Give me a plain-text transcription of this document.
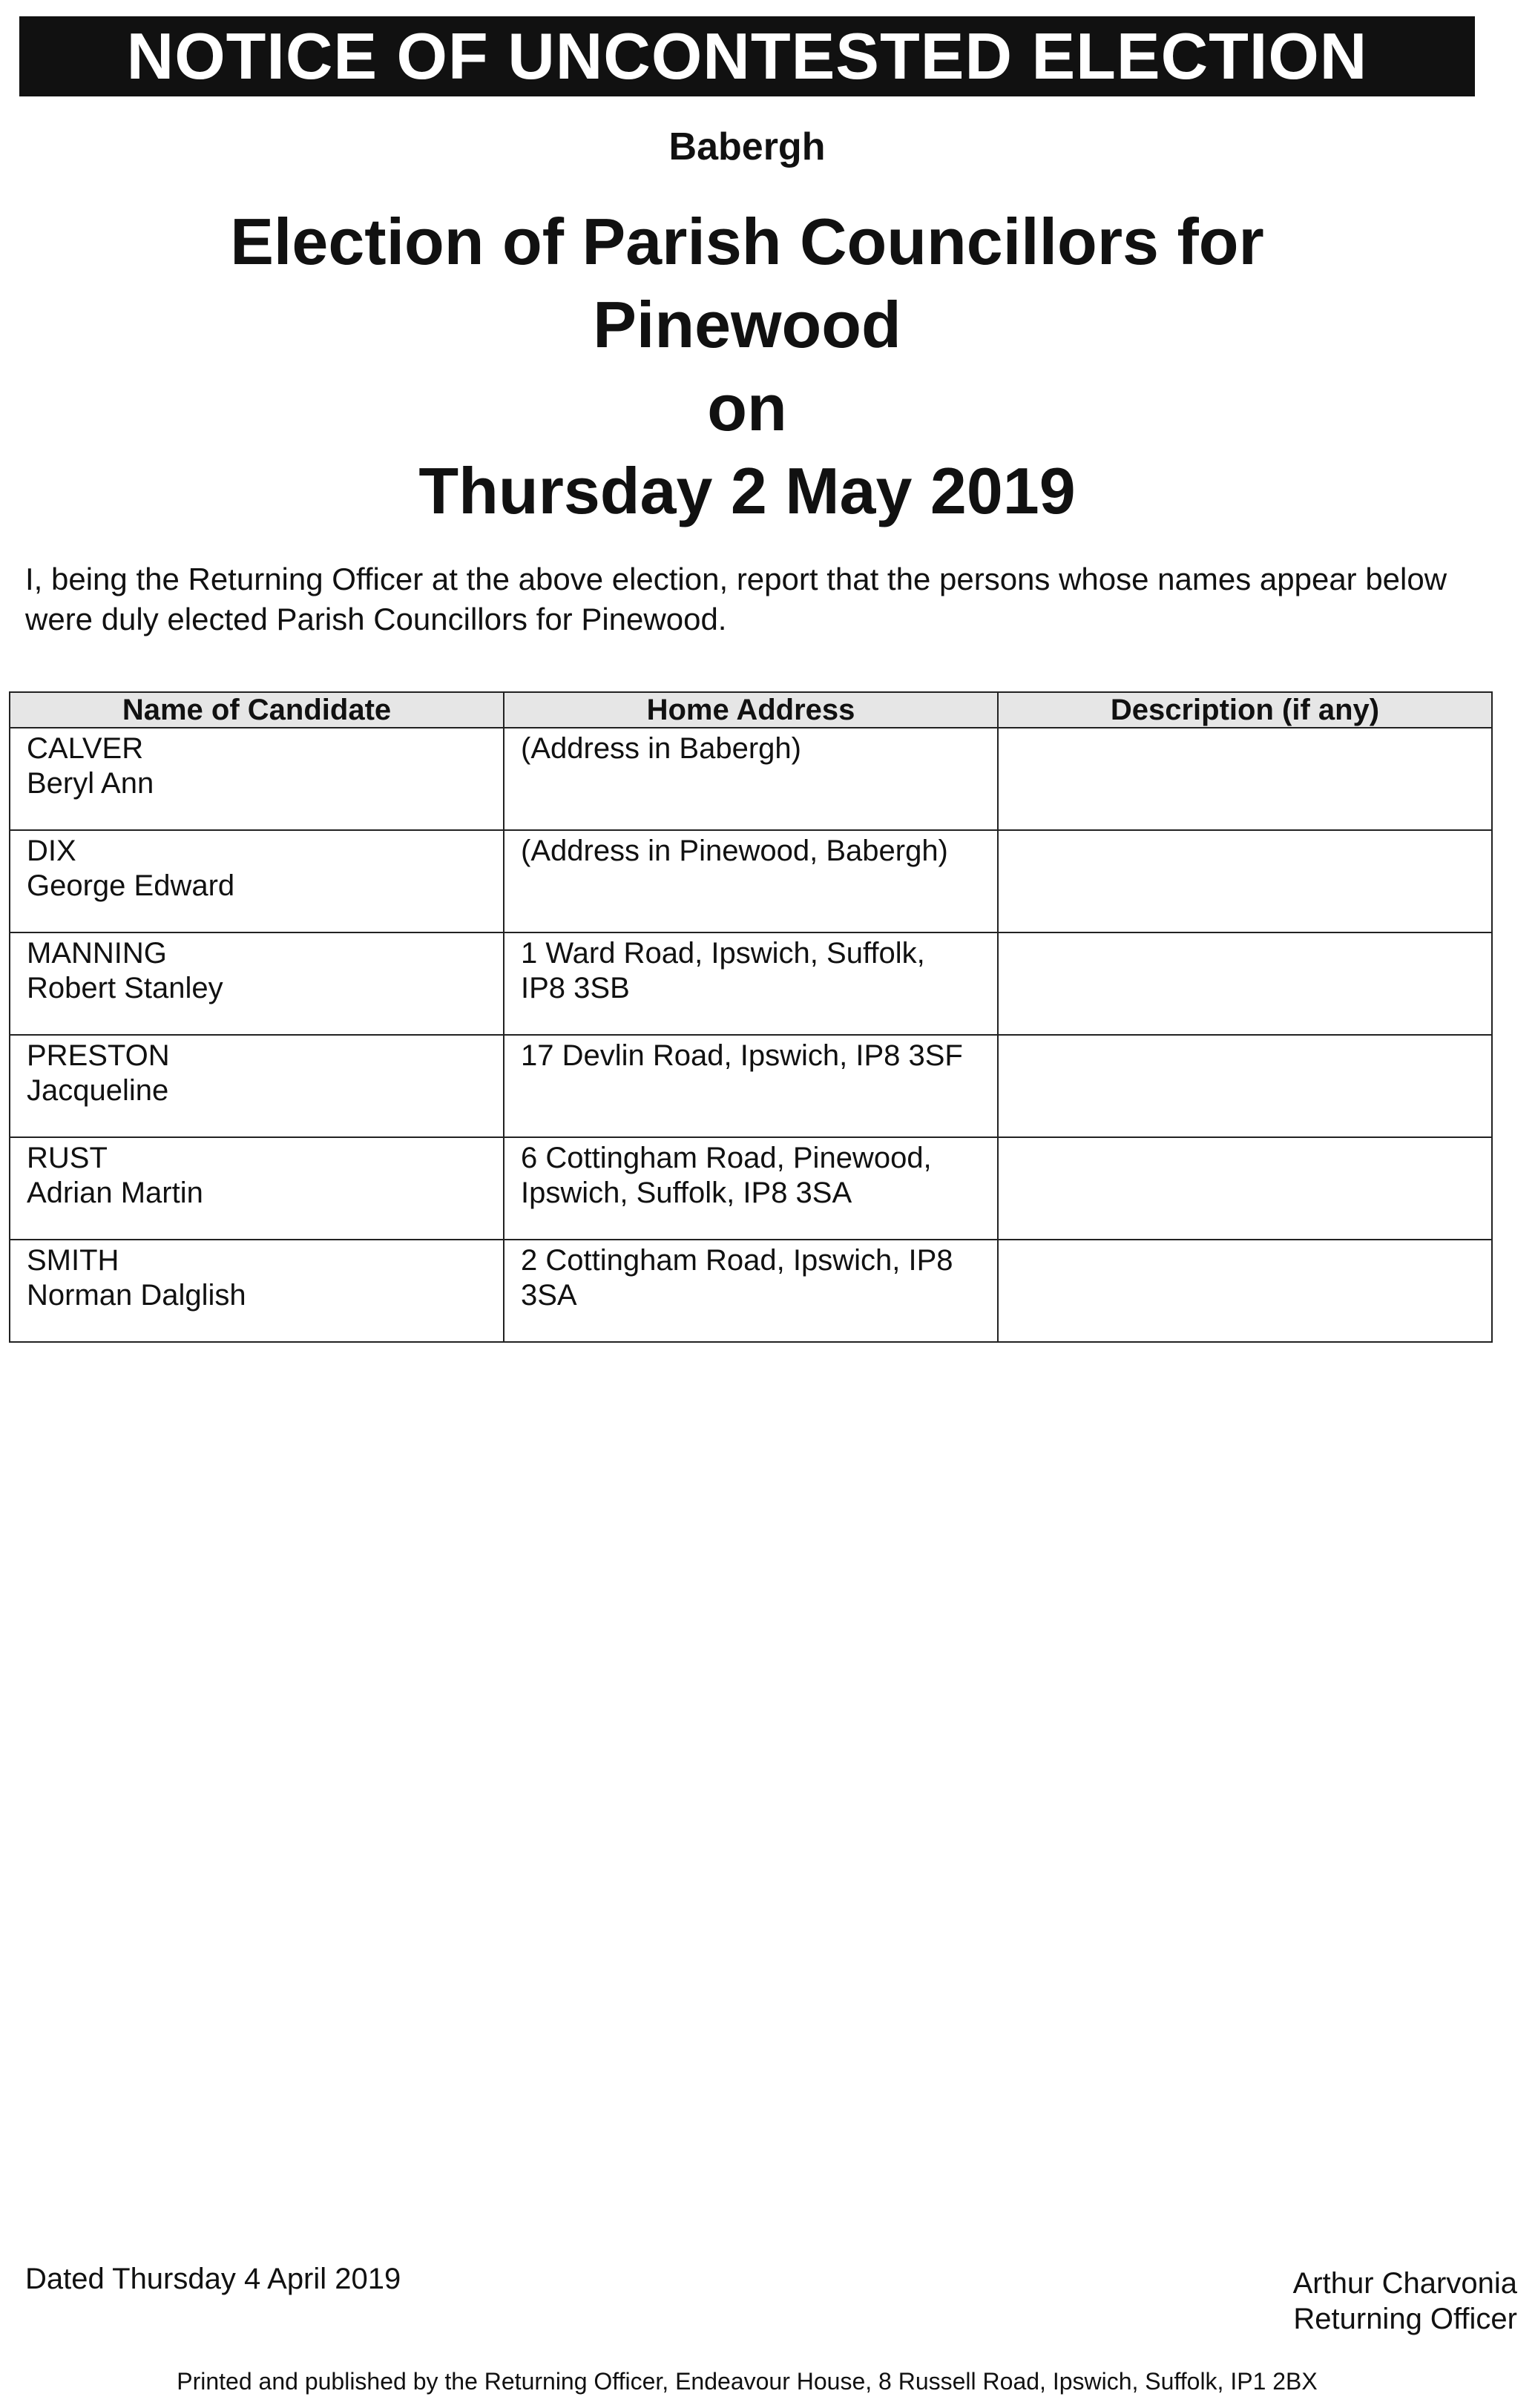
NOTICE OF UNCONTESTED ELECTION
Babergh
Election of Parish Councillors for
Pinewood
on
Thursday 2 May 2019
I, being the Returning Officer at the above election, report that the persons whose names appear below were duly elected Parish Councillors for Pinewood.
Name of Candidate	Home Address	Description (if any)

CALVER
Beryl Ann	(Address in Babergh)	

DIX
George Edward	(Address in Pinewood, Babergh)	

MANNING
Robert Stanley	1 Ward Road, Ipswich, Suffolk,
IP8 3SB	

PRESTON
Jacqueline	17 Devlin Road, Ipswich, IP8 3SF	

RUST
Adrian Martin	6 Cottingham Road, Pinewood,
Ipswich, Suffolk, IP8 3SA	

SMITH
Norman Dalglish	2 Cottingham Road, Ipswich, IP8
3SA	

Dated Thursday 4 April 2019	Arthur Charvonia
Returning Officer
Printed and published by the Returning Officer, Endeavour House, 8 Russell Road, Ipswich, Suffolk, IP1 2BX
